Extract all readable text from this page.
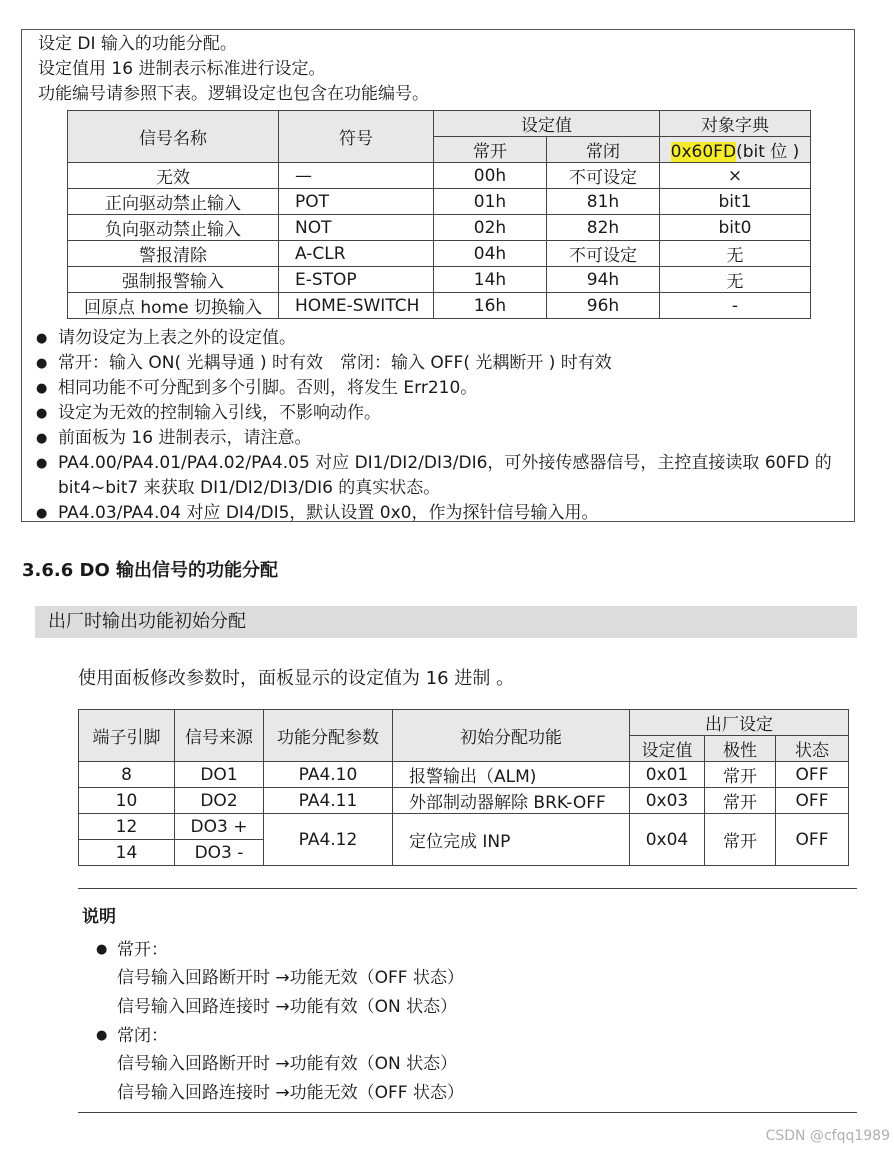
设定 DI 输入的功能分配。
设定值用 16 进制表示标准进行设定。
功能编号请参照下表。逻辑设定也包含在功能编号。
信号名称	符号	设定值		对象字典
		常开	常闭	0x60FD(bit 位 )
无效	—	00h	不可设定	×
正向驱动禁止输入	POT	01h	81h	bit1
负向驱动禁止输入	NOT	02h	82h	bit0
警报清除	A-CLR	04h	不可设定	无
强制报警输入	E-STOP	14h	94h	无
回原点 home 切换输入	HOME-SWITCH	16h	96h	-
● 请勿设定为上表之外的设定值。
● 常开：输入 ON( 光耦导通 ) 时有效　常闭：输入 OFF( 光耦断开 ) 时有效
● 相同功能不可分配到多个引脚。否则，将发生 Err210。
● 设定为无效的控制输入引线，不影响动作。
● 前面板为 16 进制表示，请注意。
● PA4.00/PA4.01/PA4.02/PA4.05 对应 DI1/DI2/DI3/DI6，可外接传感器信号，主控直接读取 60FD 的 bit4~bit7 来获取 DI1/DI2/DI3/DI6 的真实状态。
● PA4.03/PA4.04 对应 DI4/DI5，默认设置 0x0，作为探针信号输入用。
3.6.6 DO 输出信号的功能分配
出厂时输出功能初始分配
使用面板修改参数时，面板显示的设定值为 16 进制 。
端子引脚	信号来源	功能分配参数	初始分配功能	出厂设定		
				设定值	极性	状态
8	DO1	PA4.10	报警输出（ALM)	0x01	常开	OFF
10	DO2	PA4.11	外部制动器解除 BRK-OFF	0x03	常开	OFF
12	DO3 +	PA4.12	定位完成 INP	0x04	常开	OFF
14	DO3 -					
说明
● 常开：
信号输入回路断开时 →功能无效（OFF 状态）
信号输入回路连接时 →功能有效（ON 状态）
● 常闭：
信号输入回路断开时 →功能有效（ON 状态）
信号输入回路连接时 →功能无效（OFF 状态）
CSDN @cfqq1989
